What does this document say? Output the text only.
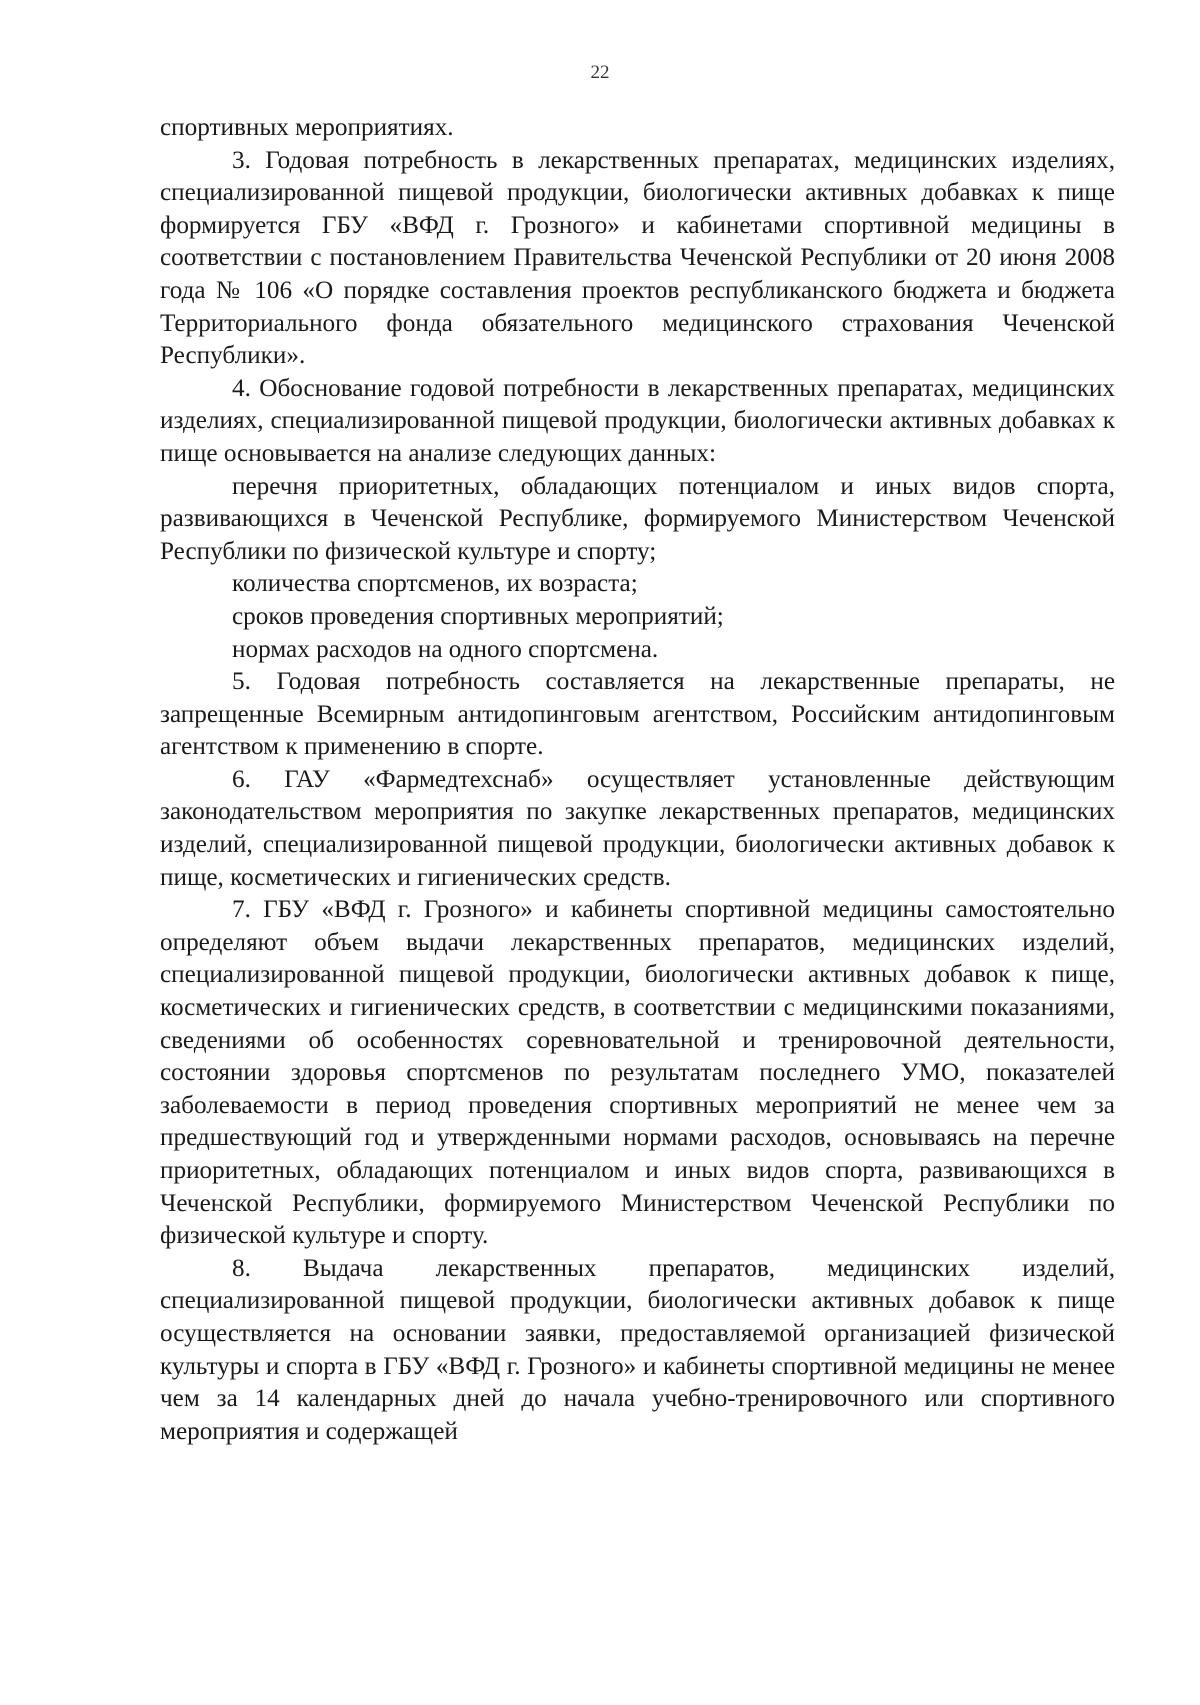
22

спортивных мероприятиях.

3. Годовая потребность в лекарственных препаратах, медицинских изделиях, специализированной пищевой продукции, биологически активных добавках к пище формируется ГБУ «ВФД г. Грозного» и кабинетами спортивной медицины в соответствии с постановлением Правительства Чеченской Республики от 20 июня 2008 года № 106 «О порядке составления проектов республиканского бюджета и бюджета Территориального фонда обязательного медицинского страхования Чеченской Республики».

4. Обоснование годовой потребности в лекарственных препаратах, медицинских изделиях, специализированной пищевой продукции, биологически активных добавках к пище основывается на анализе следующих данных:

перечня приоритетных, обладающих потенциалом и иных видов спорта, развивающихся в Чеченской Республике, формируемого Министерством Чеченской Республики по физической культуре и спорту;

количества спортсменов, их возраста;

сроков проведения спортивных мероприятий;

нормах расходов на одного спортсмена.

5. Годовая потребность составляется на лекарственные препараты, не запрещенные Всемирным антидопинговым агентством, Российским антидопинговым агентством к применению в спорте.

6. ГАУ «Фармедтехснаб» осуществляет установленные действующим законодательством мероприятия по закупке лекарственных препаратов, медицинских изделий, специализированной пищевой продукции, биологически активных добавок к пище, косметических и гигиенических средств.

7. ГБУ «ВФД г. Грозного» и кабинеты спортивной медицины самостоятельно определяют объем выдачи лекарственных препаратов, медицинских изделий, специализированной пищевой продукции, биологически активных добавок к пище, косметических и гигиенических средств, в соответствии с медицинскими показаниями, сведениями об особенностях соревновательной и тренировочной деятельности, состоянии здоровья спортсменов по результатам последнего УМО, показателей заболеваемости в период проведения спортивных мероприятий не менее чем за предшествующий год и утвержденными нормами расходов, основываясь на перечне приоритетных, обладающих потенциалом и иных видов спорта, развивающихся в Чеченской Республики, формируемого Министерством Чеченской Республики по физической культуре и спорту.

8. Выдача лекарственных препаратов, медицинских изделий, специализированной пищевой продукции, биологически активных добавок к пище осуществляется на основании заявки, предоставляемой организацией физической культуры и спорта в ГБУ «ВФД г. Грозного» и кабинеты спортивной медицины не менее чем за 14 календарных дней до начала учебно-тренировочного или спортивного мероприятия и содержащей
